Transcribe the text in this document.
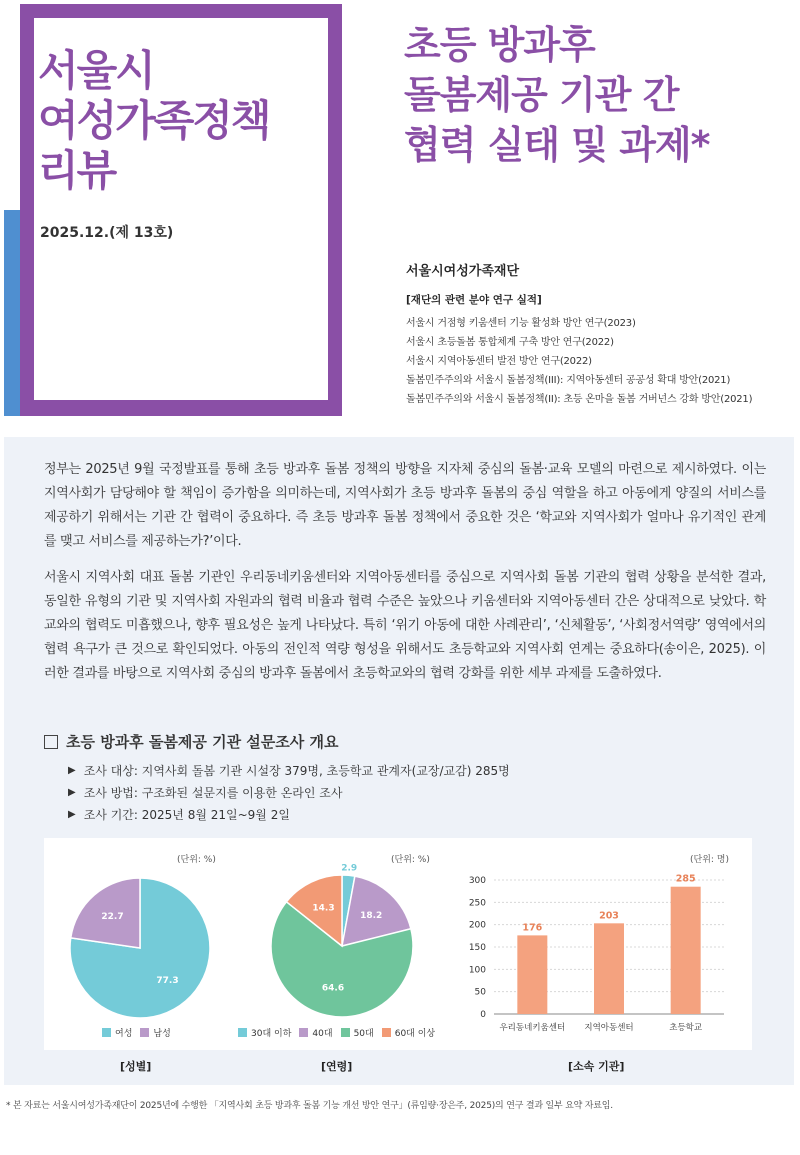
서울시
여성가족정책
리뷰
2025.12.(제 13호)
초등 방과후
돌봄제공 기관 간
협력 실태 및 과제*
서울시여성가족재단
[재단의 관련 분야 연구 실적]
서울시 거점형 키움센터 기능 활성화 방안 연구(2023)
서울시 초등돌봄 통합체계 구축 방안 연구(2022)
서울시 지역아동센터 발전 방안 연구(2022)
돌봄민주주의와 서울시 돌봄정책(III): 지역아동센터 공공성 확대 방안(2021)
돌봄민주주의와 서울시 돌봄정책(II): 초등 온마을 돌봄 거버넌스 강화 방안(2021)

정부는 2025년 9월 국정발표를 통해 초등 방과후 돌봄 정책의 방향을 지자체 중심의 돌봄·교육 모델의 마련으로 제시하였다. 이는 지역사회가 담당해야 할 책임이 증가함을 의미하는데, 지역사회가 초등 방과후 돌봄의 중심 역할을 하고 아동에게 양질의 서비스를 제공하기 위해서는 기관 간 협력이 중요하다. 즉 초등 방과후 돌봄 정책에서 중요한 것은 ‘학교와 지역사회가 얼마나 유기적인 관계를 맺고 서비스를 제공하는가?’이다.

서울시 지역사회 대표 돌봄 기관인 우리동네키움센터와 지역아동센터를 중심으로 지역사회 돌봄 기관의 협력 상황을 분석한 결과, 동일한 유형의 기관 및 지역사회 자원과의 협력 비율과 협력 수준은 높았으나 키움센터와 지역아동센터 간은 상대적으로 낮았다. 학교와의 협력도 미흡했으나, 향후 필요성은 높게 나타났다. 특히 ‘위기 아동에 대한 사례관리’, ‘신체활동’, ‘사회정서역량’ 영역에서의 협력 욕구가 큰 것으로 확인되었다. 아동의 전인적 역량 형성을 위해서도 초등학교와 지역사회 연계는 중요하다(송이은, 2025). 이러한 결과를 바탕으로 지역사회 중심의 방과후 돌봄에서 초등학교와의 협력 강화를 위한 세부 과제를 도출하였다.

초등 방과후 돌봄제공 기관 설문조사 개요
▶ 조사 대상: 지역사회 돌봄 기관 시설장 379명, 초등학교 관계자(교장/교감) 285명
▶ 조사 방법: 구조화된 설문지를 이용한 온라인 조사
▶ 조사 기간: 2025년 8월 21일~9월 2일
(단위: %)
77.3
22.7
여성 남성
[성별]
(단위: %)
2.9
18.2
64.6
14.3
30대 이하 40대 50대 60대 이상
[연령]
(단위: 명)
0
50
100
150
200
250
300
176
우리동네키움센터
203
지역아동센터
285
초등학교
[소속 기관]
* 본 자료는 서울시여성가족재단이 2025년에 수행한 「지역사회 초등 방과후 돌봄 기능 개선 방안 연구」(류임량·장은주, 2025)의 연구 결과 일부 요약 자료임.
